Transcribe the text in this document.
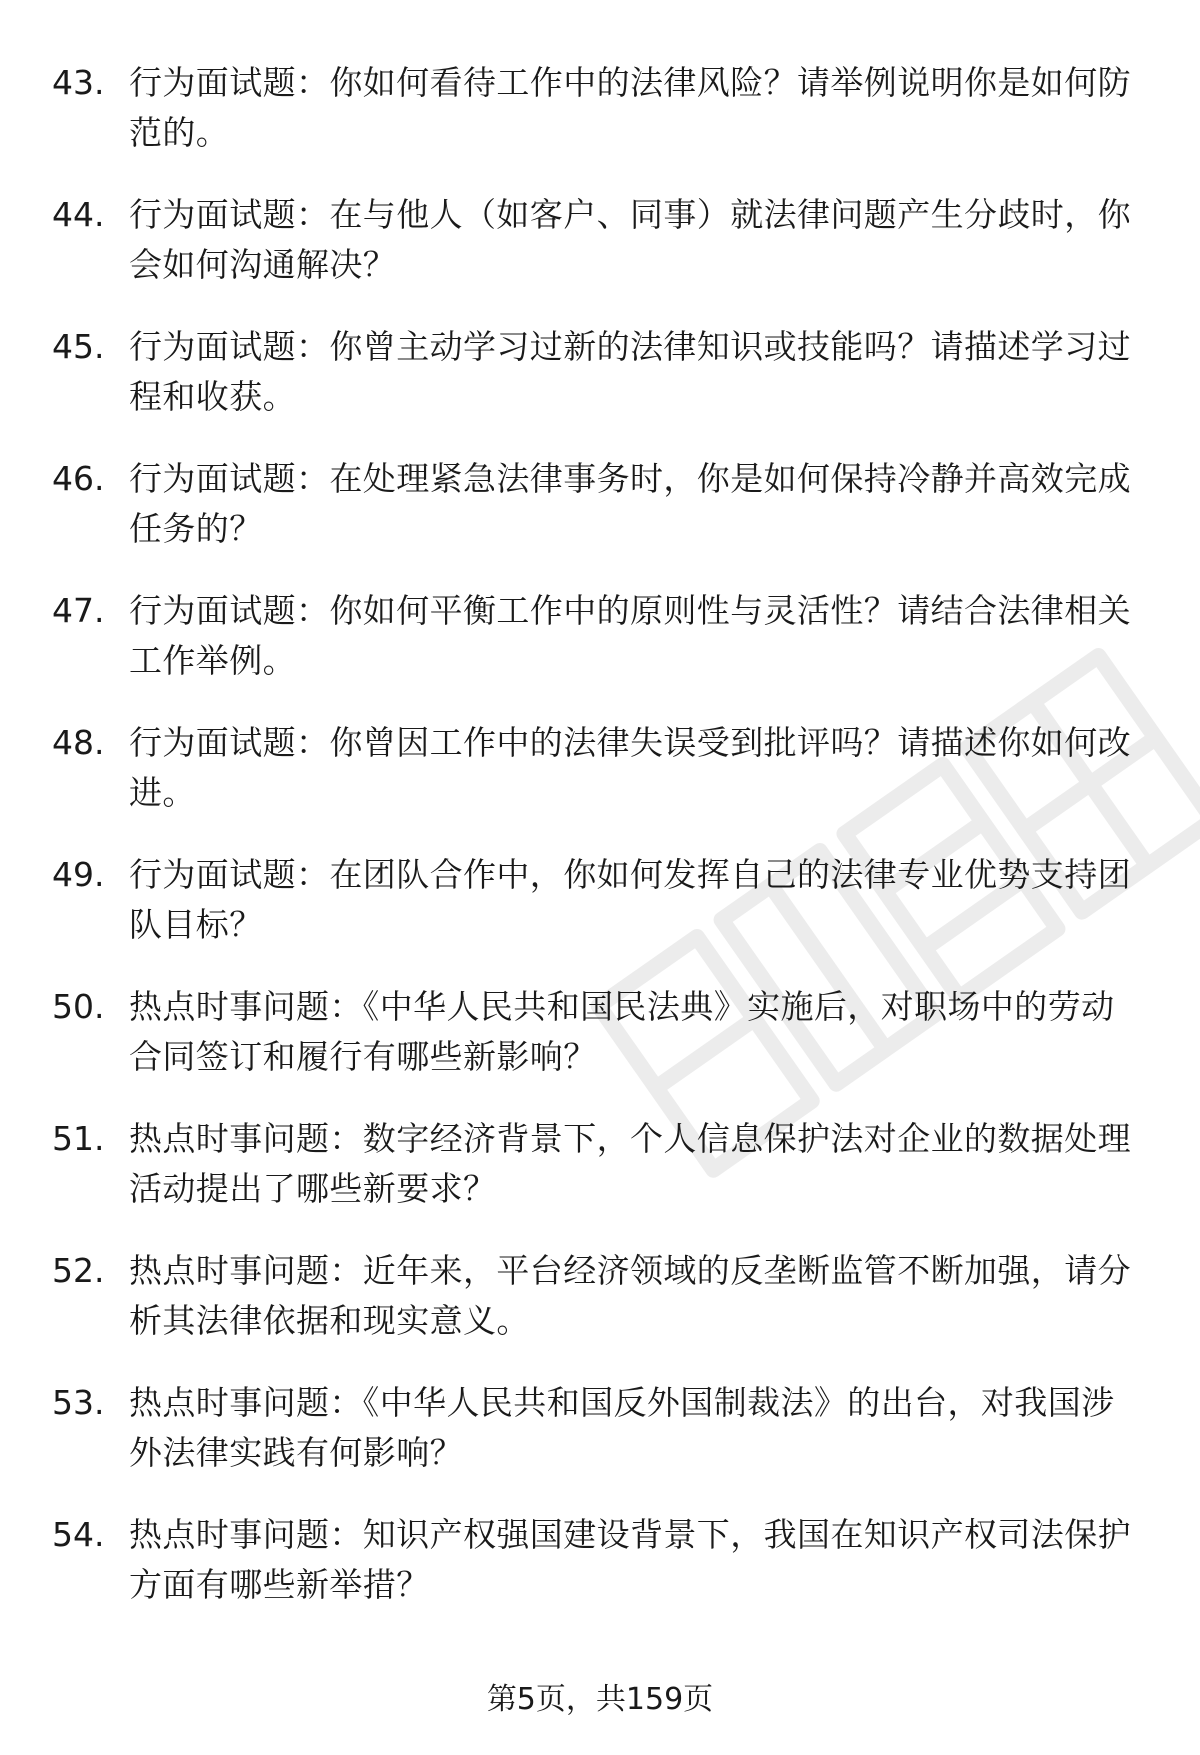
43. 行为面试题：你如何看待工作中的法律风险？请举例说明你是如何防范的。
44. 行为面试题：在与他人（如客户、同事）就法律问题产生分歧时，你会如何沟通解决？
45. 行为面试题：你曾主动学习过新的法律知识或技能吗？请描述学习过程和收获。
46. 行为面试题：在处理紧急法律事务时，你是如何保持冷静并高效完成任务的？
47. 行为面试题：你如何平衡工作中的原则性与灵活性？请结合法律相关工作举例。
48. 行为面试题：你曾因工作中的法律失误受到批评吗？请描述你如何改进。
49. 行为面试题：在团队合作中，你如何发挥自己的法律专业优势支持团队目标？
50. 热点时事问题：《中华人民共和国民法典》实施后，对职场中的劳动合同签订和履行有哪些新影响？
51. 热点时事问题：数字经济背景下，个人信息保护法对企业的数据处理活动提出了哪些新要求？
52. 热点时事问题：近年来，平台经济领域的反垄断监管不断加强，请分析其法律依据和现实意义。
53. 热点时事问题：《中华人民共和国反外国制裁法》的出台，对我国涉外法律实践有何影响？
54. 热点时事问题：知识产权强国建设背景下，我国在知识产权司法保护方面有哪些新举措？
第5页，共159页
